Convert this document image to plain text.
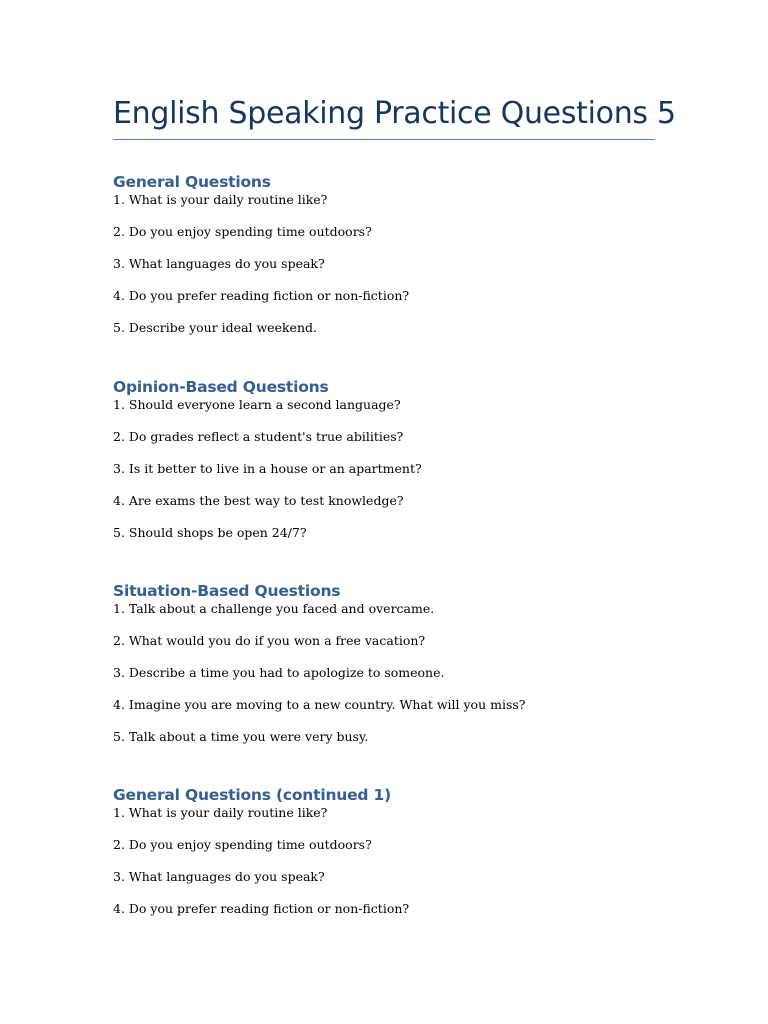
English Speaking Practice Questions 5
General Questions
1. What is your daily routine like?
2. Do you enjoy spending time outdoors?
3. What languages do you speak?
4. Do you prefer reading fiction or non-fiction?
5. Describe your ideal weekend.
Opinion-Based Questions
1. Should everyone learn a second language?
2. Do grades reflect a student's true abilities?
3. Is it better to live in a house or an apartment?
4. Are exams the best way to test knowledge?
5. Should shops be open 24/7?
Situation-Based Questions
1. Talk about a challenge you faced and overcame.
2. What would you do if you won a free vacation?
3. Describe a time you had to apologize to someone.
4. Imagine you are moving to a new country. What will you miss?
5. Talk about a time you were very busy.
General Questions (continued 1)
1. What is your daily routine like?
2. Do you enjoy spending time outdoors?
3. What languages do you speak?
4. Do you prefer reading fiction or non-fiction?
